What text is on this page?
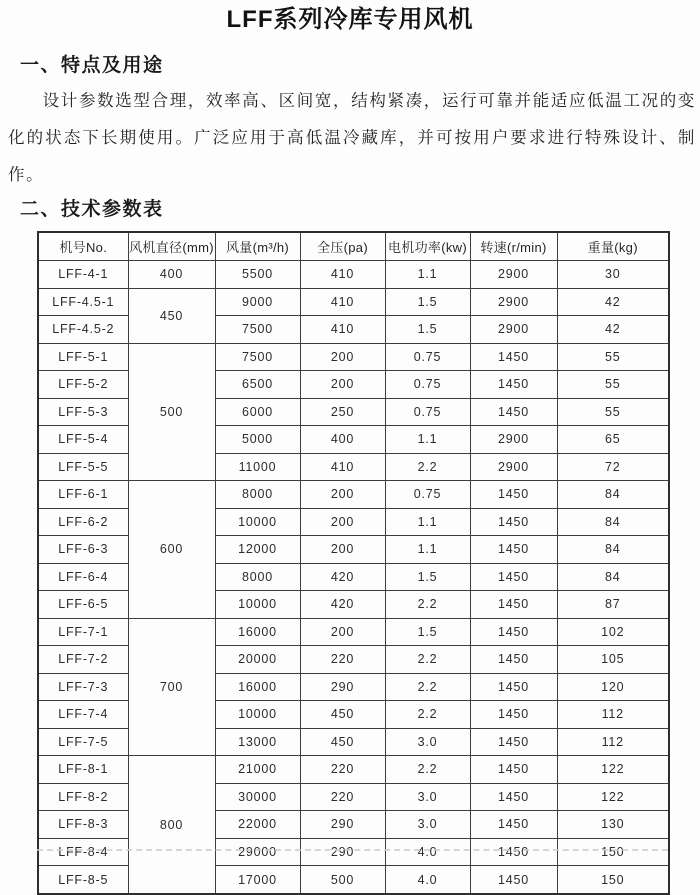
LFF系列冷库专用风机
一、特点及用途

设计参数选型合理，效率高、区间宽，结构紧凑，运行可靠并能适应低温工况的变化的状态下长期使用。广泛应用于高低温冷藏库，并可按用户要求进行特殊设计、制作。

二、技术参数表
机号No.	风机直径(mm)	风量(m³/h)	全压(pa)	电机功率(kw)	转速(r/min)	重量(kg)
LFF-4-1	400	5500	410	1.1	2900	30
LFF-4.5-1	450	9000	410	1.5	2900	42
LFF-4.5-2		7500	410	1.5	2900	42
LFF-5-1	500	7500	200	0.75	1450	55
LFF-5-2		6500	200	0.75	1450	55
LFF-5-3		6000	250	0.75	1450	55
LFF-5-4		5000	400	1.1	2900	65
LFF-5-5		11000	410	2.2	2900	72
LFF-6-1	600	8000	200	0.75	1450	84
LFF-6-2		10000	200	1.1	1450	84
LFF-6-3		12000	200	1.1	1450	84
LFF-6-4		8000	420	1.5	1450	84
LFF-6-5		10000	420	2.2	1450	87
LFF-7-1	700	16000	200	1.5	1450	102
LFF-7-2		20000	220	2.2	1450	105
LFF-7-3		16000	290	2.2	1450	120
LFF-7-4		10000	450	2.2	1450	112
LFF-7-5		13000	450	3.0	1450	112
LFF-8-1	800	21000	220	2.2	1450	122
LFF-8-2		30000	220	3.0	1450	122
LFF-8-3		22000	290	3.0	1450	130
LFF-8-4		29000	290	4.0	1450	150
LFF-8-5		17000	500	4.0	1450	150
